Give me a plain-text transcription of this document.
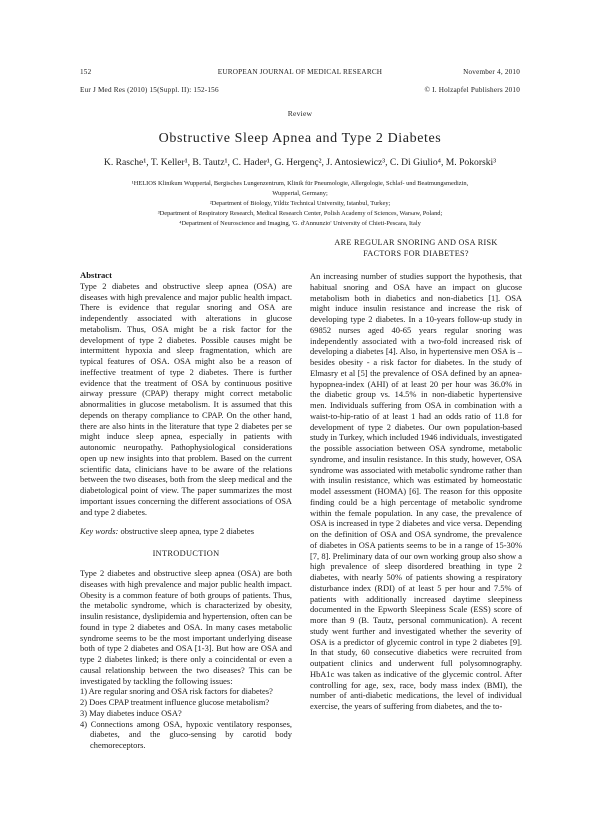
152	EUROPEAN JOURNAL OF MEDICAL RESEARCH	November 4, 2010
Eur J Med Res (2010) 15(Suppl. II): 152-156	© I. Holzapfel Publishers 2010
Review
Obstructive Sleep Apnea and Type 2 Diabetes
K. Rasche¹, T. Keller¹, B. Tautz¹, C. Hader¹, G. Hergenç², J. Antosiewicz³, C. Di Giulio⁴, M. Pokorski³
¹HELIOS Klinikum Wuppertal, Bergisches Lungenzentrum, Klinik für Pneumologie, Allergologie, Schlaf- und Beatmungsmedizin,
Wuppertal, Germany;
²Department of Biology, Yildiz Technical University, Istanbul, Turkey;
³Department of Respiratory Research, Medical Research Center, Polish Academy of Sciences, Warsaw, Poland;
⁴Department of Neuroscience and Imaging, 'G. d'Annunzio' University of Chieti-Pescara, Italy

Abstract

Type 2 diabetes and obstructive sleep apnea (OSA) are diseases with high prevalence and major public health impact. There is evidence that regular snoring and OSA are independently associated with alterations in glucose metabolism. Thus, OSA might be a risk factor for the development of type 2 diabetes. Possible causes might be intermittent hypoxia and sleep fragmentation, which are typical features of OSA. OSA might also be a reason of ineffective treatment of type 2 diabetes. There is further evidence that the treatment of OSA by continuous positive airway pressure (CPAP) therapy might correct metabolic abnormalities in glucose metabolism. It is assumed that this depends on therapy compliance to CPAP. On the other hand, there are also hints in the literature that type 2 diabetes per se might induce sleep apnea, especially in patients with autonomic neuropathy. Pathophysiological considerations open up new insights into that problem. Based on the current scientific data, clinicians have to be aware of the relations between the two diseases, both from the sleep medical and the diabetological point of view. The paper summarizes the most important issues concerning the different associations of OSA and type 2 diabetes.

Key words: obstructive sleep apnea, type 2 diabetes

INTRODUCTION

Type 2 diabetes and obstructive sleep apnea (OSA) are both diseases with high prevalence and major public health impact. Obesity is a common feature of both groups of patients. Thus, the metabolic syndrome, which is characterized by obesity, insulin resistance, dyslipidemia and hypertension, often can be found in type 2 diabetes and OSA. In many cases metabolic syndrome seems to be the most important underlying disease both of type 2 diabetes and OSA [1-3]. But how are OSA and type 2 diabetes linked; is there only a coincidental or even a causal relationship between the two diseases? This can be investigated by tackling the following issues:

1) Are regular snoring and OSA risk factors for diabetes?
2) Does CPAP treatment influence glucose metabolism?
3) May diabetes induce OSA?
4) Connections among OSA, hypoxic ventilatory responses, diabetes, and the gluco-sensing by carotid body chemoreceptors.

ARE REGULAR SNORING AND OSA RISK

FACTORS FOR DIABETES?

An increasing number of studies support the hypothesis, that habitual snoring and OSA have an impact on glucose metabolism both in diabetics and non-diabetics [1]. OSA might induce insulin resistance and increase the risk of developing type 2 diabetes. In a 10-years follow-up study in 69852 nurses aged 40-65 years regular snoring was independently associated with a two-fold increased risk of developing a diabetes [4]. Also, in hypertensive men OSA is – besides obesity - a risk factor for diabetes. In the study of Elmasry et al [5] the prevalence of OSA defined by an apnea-hypopnea-index (AHI) of at least 20 per hour was 36.0% in the diabetic group vs. 14.5% in non-diabetic hypertensive men. Individuals suffering from OSA in combination with a waist-to-hip-ratio of at least 1 had an odds ratio of 11.8 for development of type 2 diabetes. Our own population-based study in Turkey, which included 1946 individuals, investigated the possible association between OSA syndrome, metabolic syndrome, and insulin resistance. In this study, however, OSA syndrome was associated with metabolic syndrome rather than with insulin resistance, which was estimated by homeostatic model assessment (HOMA) [6]. The reason for this opposite finding could be a high percentage of metabolic syndrome within the female population. In any case, the prevalence of OSA is increased in type 2 diabetes and vice versa. Depending on the definition of OSA and OSA syndrome, the prevalence of diabetes in OSA patients seems to be in a range of 15-30% [7, 8]. Preliminary data of our own working group also show a high prevalence of sleep disordered breathing in type 2 diabetes, with nearly 50% of patients showing a respiratory disturbance index (RDI) of at least 5 per hour and 7.5% of patients with additionally increased daytime sleepiness documented in the Epworth Sleepiness Scale (ESS) score of more than 9 (B. Tautz, personal communication). A recent study went further and investigated whether the severity of OSA is a predictor of glycemic control in type 2 diabetes [9]. In that study, 60 consecutive diabetics were recruited from outpatient clinics and underwent full polysomnography. HbA1c was taken as indicative of the glycemic control. After controlling for age, sex, race, body mass index (BMI), the number of anti-diabetic medications, the level of individual exercise, the years of suffering from diabetes, and the to-
